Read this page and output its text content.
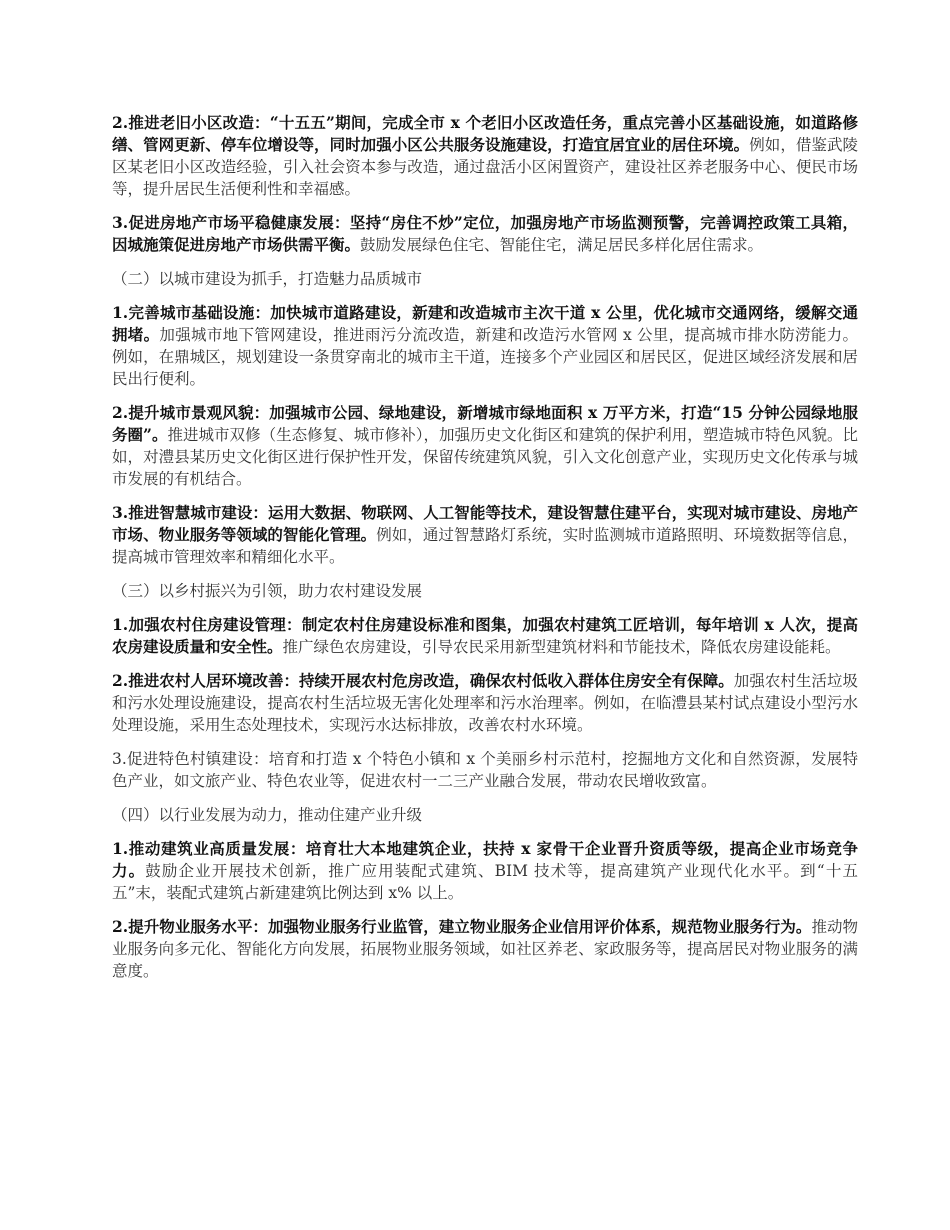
2.推进老旧小区改造：“十五五”期间，完成全市 x 个老旧小区改造任务，重点完善小区基础设施，如道路修缮、管网更新、停车位增设等，同时加强小区公共服务设施建设，打造宜居宜业的居住环境。例如，借鉴武陵区某老旧小区改造经验，引入社会资本参与改造，通过盘活小区闲置资产，建设社区养老服务中心、便民市场等，提升居民生活便利性和幸福感。

3.促进房地产市场平稳健康发展：坚持“房住不炒”定位，加强房地产市场监测预警，完善调控政策工具箱，因城施策促进房地产市场供需平衡。鼓励发展绿色住宅、智能住宅，满足居民多样化居住需求。

（二）以城市建设为抓手，打造魅力品质城市

1.完善城市基础设施：加快城市道路建设，新建和改造城市主次干道 x 公里，优化城市交通网络，缓解交通拥堵。加强城市地下管网建设，推进雨污分流改造，新建和改造污水管网 x 公里，提高城市排水防涝能力。例如，在鼎城区，规划建设一条贯穿南北的城市主干道，连接多个产业园区和居民区，促进区域经济发展和居民出行便利。

2.提升城市景观风貌：加强城市公园、绿地建设，新增城市绿地面积 x 万平方米，打造“15 分钟公园绿地服务圈”。推进城市双修（生态修复、城市修补），加强历史文化街区和建筑的保护利用，塑造城市特色风貌。比如，对澧县某历史文化街区进行保护性开发，保留传统建筑风貌，引入文化创意产业，实现历史文化传承与城市发展的有机结合。

3.推进智慧城市建设：运用大数据、物联网、人工智能等技术，建设智慧住建平台，实现对城市建设、房地产市场、物业服务等领域的智能化管理。例如，通过智慧路灯系统，实时监测城市道路照明、环境数据等信息，提高城市管理效率和精细化水平。

（三）以乡村振兴为引领，助力农村建设发展

1.加强农村住房建设管理：制定农村住房建设标准和图集，加强农村建筑工匠培训，每年培训 x 人次，提高农房建设质量和安全性。推广绿色农房建设，引导农民采用新型建筑材料和节能技术，降低农房建设能耗。

2.推进农村人居环境改善：持续开展农村危房改造，确保农村低收入群体住房安全有保障。加强农村生活垃圾和污水处理设施建设，提高农村生活垃圾无害化处理率和污水治理率。例如，在临澧县某村试点建设小型污水处理设施，采用生态处理技术，实现污水达标排放，改善农村水环境。

3.促进特色村镇建设：培育和打造 x 个特色小镇和 x 个美丽乡村示范村，挖掘地方文化和自然资源，发展特色产业，如文旅产业、特色农业等，促进农村一二三产业融合发展，带动农民增收致富。

（四）以行业发展为动力，推动住建产业升级

1.推动建筑业高质量发展：培育壮大本地建筑企业，扶持 x 家骨干企业晋升资质等级，提高企业市场竞争力。鼓励企业开展技术创新，推广应用装配式建筑、BIM 技术等，提高建筑产业现代化水平。到“十五五”末，装配式建筑占新建建筑比例达到 x% 以上。

2.提升物业服务水平：加强物业服务行业监管，建立物业服务企业信用评价体系，规范物业服务行为。推动物业服务向多元化、智能化方向发展，拓展物业服务领域，如社区养老、家政服务等，提高居民对物业服务的满意度。
